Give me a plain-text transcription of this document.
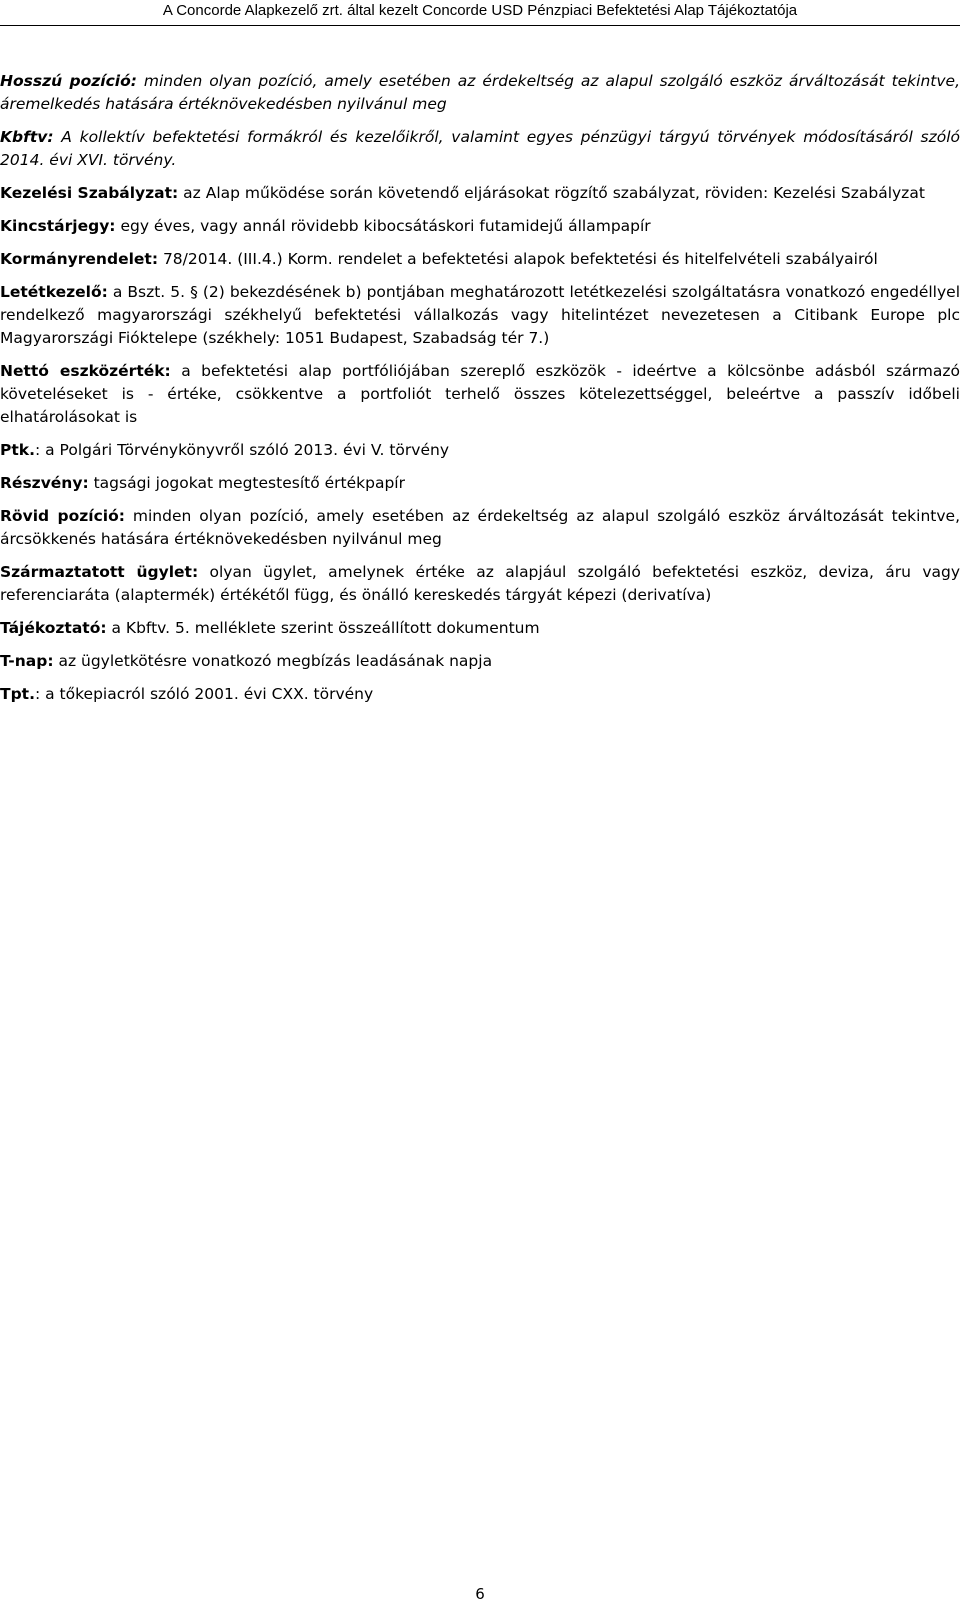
A Concorde Alapkezelő zrt. által kezelt Concorde USD Pénzpiaci Befektetési Alap Tájékoztatója

Hosszú pozíció: minden olyan pozíció, amely esetében az érdekeltség az alapul szolgáló eszköz árváltozását tekintve, áremelkedés hatására értéknövekedésben nyilvánul meg

Kbftv: A kollektív befektetési formákról és kezelőikről, valamint egyes pénzügyi tárgyú törvények módosításáról szóló 2014. évi XVI. törvény.

Kezelési Szabályzat: az Alap működése során követendő eljárásokat rögzítő szabályzat, röviden: Kezelési Szabályzat

Kincstárjegy: egy éves, vagy annál rövidebb kibocsátáskori futamidejű állampapír

Kormányrendelet: 78/2014. (III.4.) Korm. rendelet a befektetési alapok befektetési és hitelfelvételi szabályairól

Letétkezelő: a Bszt. 5. § (2) bekezdésének b) pontjában meghatározott letétkezelési szolgáltatásra vonatkozó engedéllyel rendelkező magyarországi székhelyű befektetési vállalkozás vagy hitelintézet nevezetesen a Citibank Europe plc Magyarországi Fióktelepe (székhely: 1051 Budapest, Szabadság tér 7.)

Nettó eszközérték: a befektetési alap portfóliójában szereplő eszközök - ideértve a kölcsönbe adásból származó követeléseket is - értéke, csökkentve a portfoliót terhelő összes kötelezettséggel, beleértve a passzív időbeli elhatárolásokat is

Ptk.: a Polgári Törvénykönyvről szóló 2013. évi V. törvény

Részvény: tagsági jogokat megtestesítő értékpapír

Rövid pozíció: minden olyan pozíció, amely esetében az érdekeltség az alapul szolgáló eszköz árváltozását tekintve, árcsökkenés hatására értéknövekedésben nyilvánul meg

Származtatott ügylet: olyan ügylet, amelynek értéke az alapjául szolgáló befektetési eszköz, deviza, áru vagy referenciaráta (alaptermék) értékétől függ, és önálló kereskedés tárgyát képezi (derivatíva)

Tájékoztató: a Kbftv. 5. melléklete szerint összeállított dokumentum

T-nap: az ügyletkötésre vonatkozó megbízás leadásának napja

Tpt.: a tőkepiacról szóló 2001. évi CXX. törvény

6
